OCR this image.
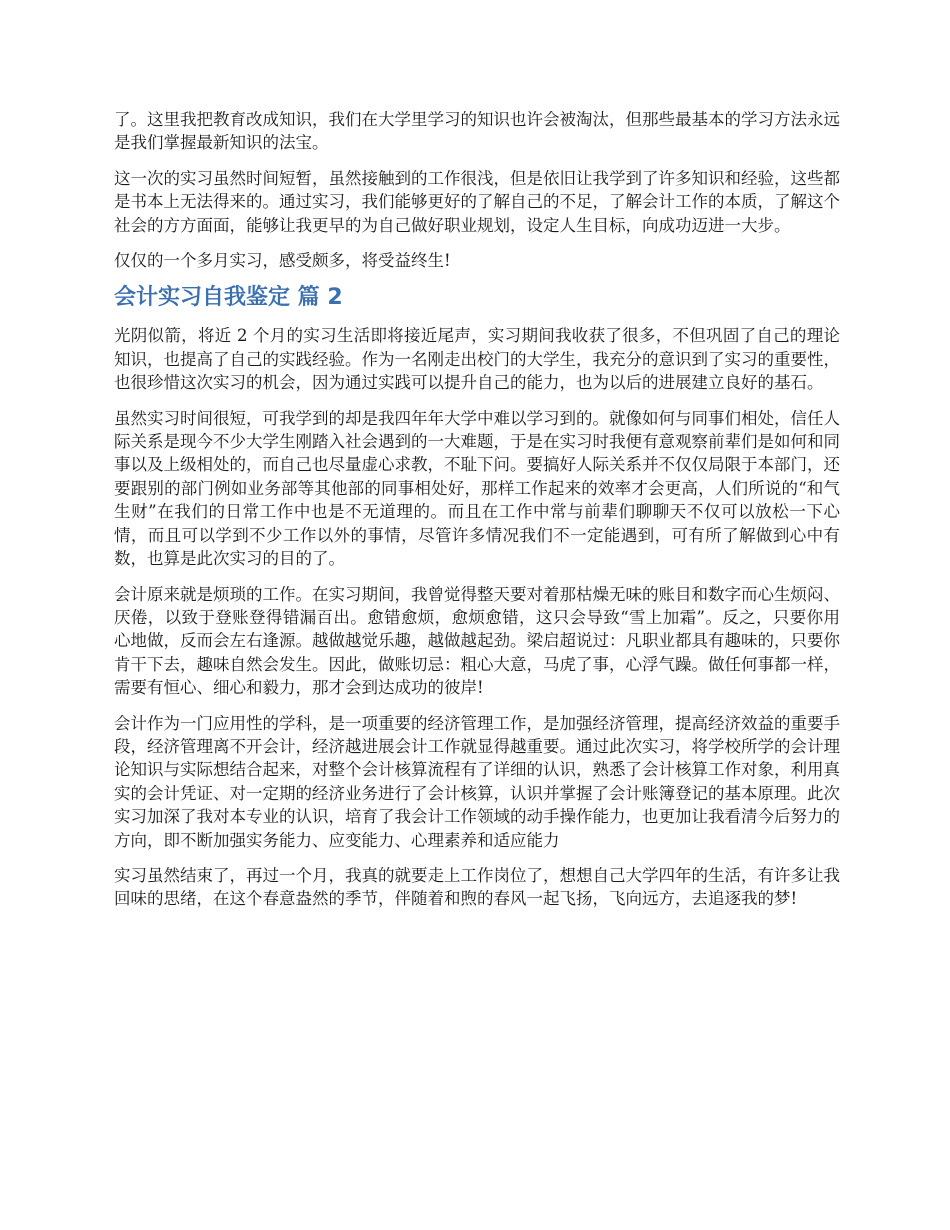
了。这里我把教育改成知识，我们在大学里学习的知识也许会被淘汰，但那些最基本的学习方法永远是我们掌握最新知识的法宝。

这一次的实习虽然时间短暂，虽然接触到的工作很浅，但是依旧让我学到了许多知识和经验，这些都是书本上无法得来的。通过实习，我们能够更好的了解自己的不足，了解会计工作的本质，了解这个社会的方方面面，能够让我更早的为自己做好职业规划，设定人生目标，向成功迈进一大步。

仅仅的一个多月实习，感受颇多，将受益终生!

会计实习自我鉴定 篇 2

光阴似箭，将近 2 个月的实习生活即将接近尾声，实习期间我收获了很多，不但巩固了自己的理论知识，也提高了自己的实践经验。作为一名刚走出校门的大学生，我充分的意识到了实习的重要性，也很珍惜这次实习的机会，因为通过实践可以提升自己的能力，也为以后的进展建立良好的基石。

虽然实习时间很短，可我学到的却是我四年年大学中难以学习到的。就像如何与同事们相处，信任人际关系是现今不少大学生刚踏入社会遇到的一大难题，于是在实习时我便有意观察前辈们是如何和同事以及上级相处的，而自己也尽量虚心求教，不耻下问。要搞好人际关系并不仅仅局限于本部门，还要跟别的部门例如业务部等其他部的同事相处好，那样工作起来的效率才会更高，人们所说的“和气生财”在我们的日常工作中也是不无道理的。而且在工作中常与前辈们聊聊天不仅可以放松一下心情，而且可以学到不少工作以外的事情，尽管许多情况我们不一定能遇到，可有所了解做到心中有数，也算是此次实习的目的了。

会计原来就是烦琐的工作。在实习期间，我曾觉得整天要对着那枯燥无味的账目和数字而心生烦闷、厌倦，以致于登账登得错漏百出。愈错愈烦，愈烦愈错，这只会导致“雪上加霜”。反之，只要你用心地做，反而会左右逢源。越做越觉乐趣，越做越起劲。梁启超说过：凡职业都具有趣味的，只要你肯干下去，趣味自然会发生。因此，做账切忌：粗心大意，马虎了事，心浮气躁。做任何事都一样，需要有恒心、细心和毅力，那才会到达成功的彼岸!

会计作为一门应用性的学科，是一项重要的经济管理工作，是加强经济管理，提高经济效益的重要手段，经济管理离不开会计，经济越进展会计工作就显得越重要。通过此次实习，将学校所学的会计理论知识与实际想结合起来，对整个会计核算流程有了详细的认识，熟悉了会计核算工作对象，利用真实的会计凭证、对一定期的经济业务进行了会计核算，认识并掌握了会计账簿登记的基本原理。此次实习加深了我对本专业的认识，培育了我会计工作领域的动手操作能力，也更加让我看清今后努力的方向，即不断加强实务能力、应变能力、心理素养和适应能力

实习虽然结束了，再过一个月，我真的就要走上工作岗位了，想想自己大学四年的生活，有许多让我回味的思绪，在这个春意盎然的季节，伴随着和煦的春风一起飞扬，飞向远方，去追逐我的梦!
